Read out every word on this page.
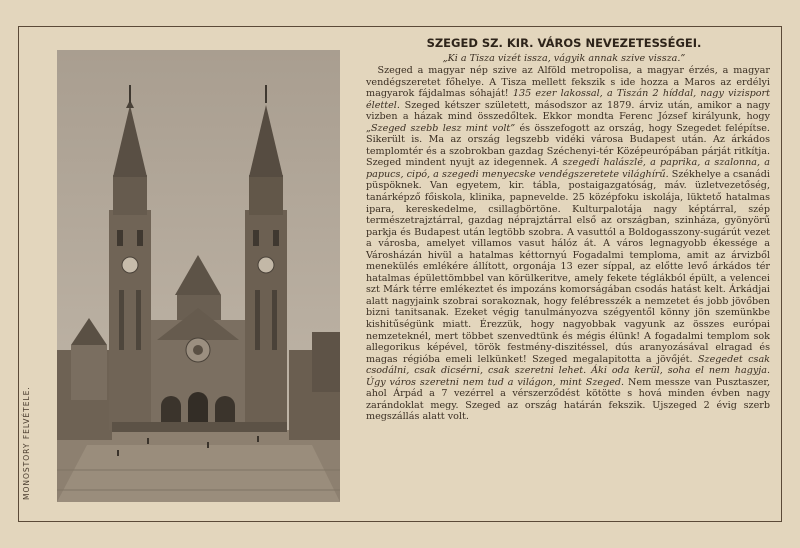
MONOSTORY FELVÉTELE.
SZEGED SZ. KIR. VÁROS NEVEZETESSÉGEI.
„Ki a Tisza vizét issza, vágyik annak szive vissza.”

Szeged a magyar nép szive az Alföld metropolisa, a magyar érzés, a magyar vendégszeretet főhelye. A Tisza mellett fekszik s ide hozza a Maros az erdélyi magyarok fájdalmas sóhaját! 135 ezer lakossal, a Tiszán 2 híddal, nagy vizisport élettel. Szeged kétszer született, másodszor az 1879. árviz után, amikor a nagy vizben a házak mind összedőltek. Ekkor mondta Ferenc József királyunk, hogy „Szeged szebb lesz mint volt” és összefogott az ország, hogy Szegedet felépítse. Sikerült is. Ma az ország legszebb vidéki városa Budapest után. Az árkádos templomtér és a szobrokban gazdag Széchenyi-tér Középeurópában párját ritkítja. Szeged mindent nyujt az idegennek. A szegedi halászlé, a paprika, a szalonna, a papucs, cipó, a szegedi menyecske vendégszeretete világhírű. Székhelye a csanádi püspöknek. Van egyetem, kir. tábla, postaigazgatóság, máv. üzletvezetőség, tanárképző főiskola, klinika, papnevelde. 25 középfoku iskolája, lüktető hatalmas ipara, kereskedelme, csillagbörtöne. Kulturpalotája nagy képtárral, szép természetrajztárral, gazdag néprajztárral első az országban, szinháza, gyönyörű parkja és Budapest után legtöbb szobra. A vasuttól a Boldogasszony-sugárút vezet a városba, amelyet villamos vasut hálóz át. A város legnagyobb ékessége a Városházán hivül a hatalmas kéttornyú Fogadalmi temploma, amit az árvizből menekülés emlékére állított, orgonája 13 ezer síppal, az előtte levő árkádos tér hatalmas épülettömbbel van körülkeritve, amely fekete téglákból épült, a velencei szt Márk térre emlékeztet és impozáns komorságában csodás hatást kelt. Árkádjai alatt nagyjaink szobrai sorakoznak, hogy felébresszék a nemzetet és jobb jövőben bizni tanitsanak. Ezeket végig tanulmányozva szégyentől könny jön szemünkbe kishitűségünk miatt. Érezzük, hogy nagyobbak vagyunk az összes európai nemzeteknél, mert többet szenvedtünk és mégis élünk! A fogadalmi templom sok allegorikus képével, török festmény-diszitéssel, dús aranyozásával elragad és magas régióba emeli lelkünket! Szeged megalapitotta a jövőjét. Szegedet csak csodálni, csak dicsérni, csak szeretni lehet. Áki oda kerül, soha el nem hagyja. Úgy város szeretni nem tud a világon, mint Szeged. Nem messze van Pusztaszer, ahol Árpád a 7 vezérrel a vérszerződést kötötte s hová minden évben nagy zarándoklat megy. Szeged az ország határán fekszik. Ujszeged 2 évig szerb megszállás alatt volt.
